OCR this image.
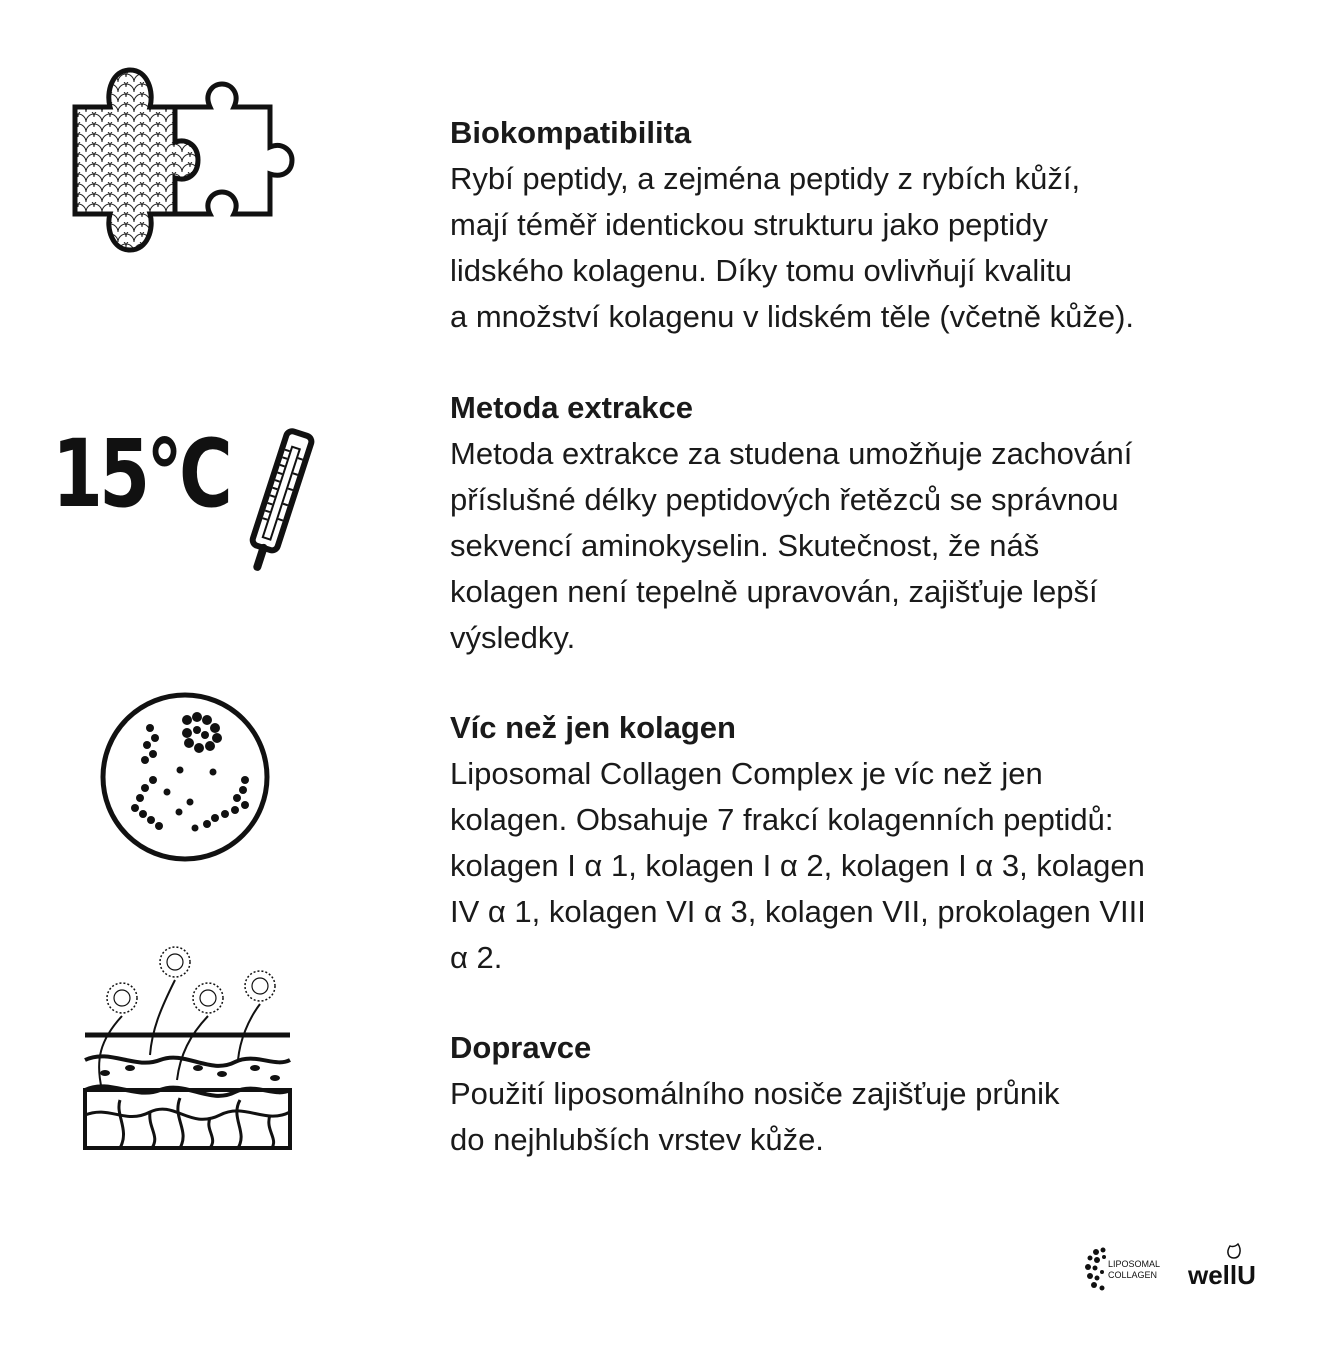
Biokompatibilita

Rybí peptidy, a zejména peptidy z rybích kůží,

mají téměř identickou strukturu jako peptidy

lidského kolagenu. Díky tomu ovlivňují kvalitu

a množství kolagenu v lidském těle (včetně kůže).

15°C

Metoda extrakce

Metoda extrakce za studena umožňuje zachování

příslušné délky peptidových řetězců se správnou

sekvencí aminokyselin. Skutečnost, že náš

kolagen není tepelně upravován, zajišťuje lepší

výsledky.

Víc než jen kolagen

Liposomal Collagen Complex je víc než jen

kolagen. Obsahuje 7 frakcí kolagenních peptidů:

kolagen I α 1, kolagen I α 2, kolagen I α 3, kolagen

IV α 1, kolagen VI α 3, kolagen VII, prokolagen VIII

α 2.

Dopravce

Použití liposomálního nosiče zajišťuje průnik

do nejhlubších vrstev kůže.

LIPOSOMAL
COLLAGEN wellU
